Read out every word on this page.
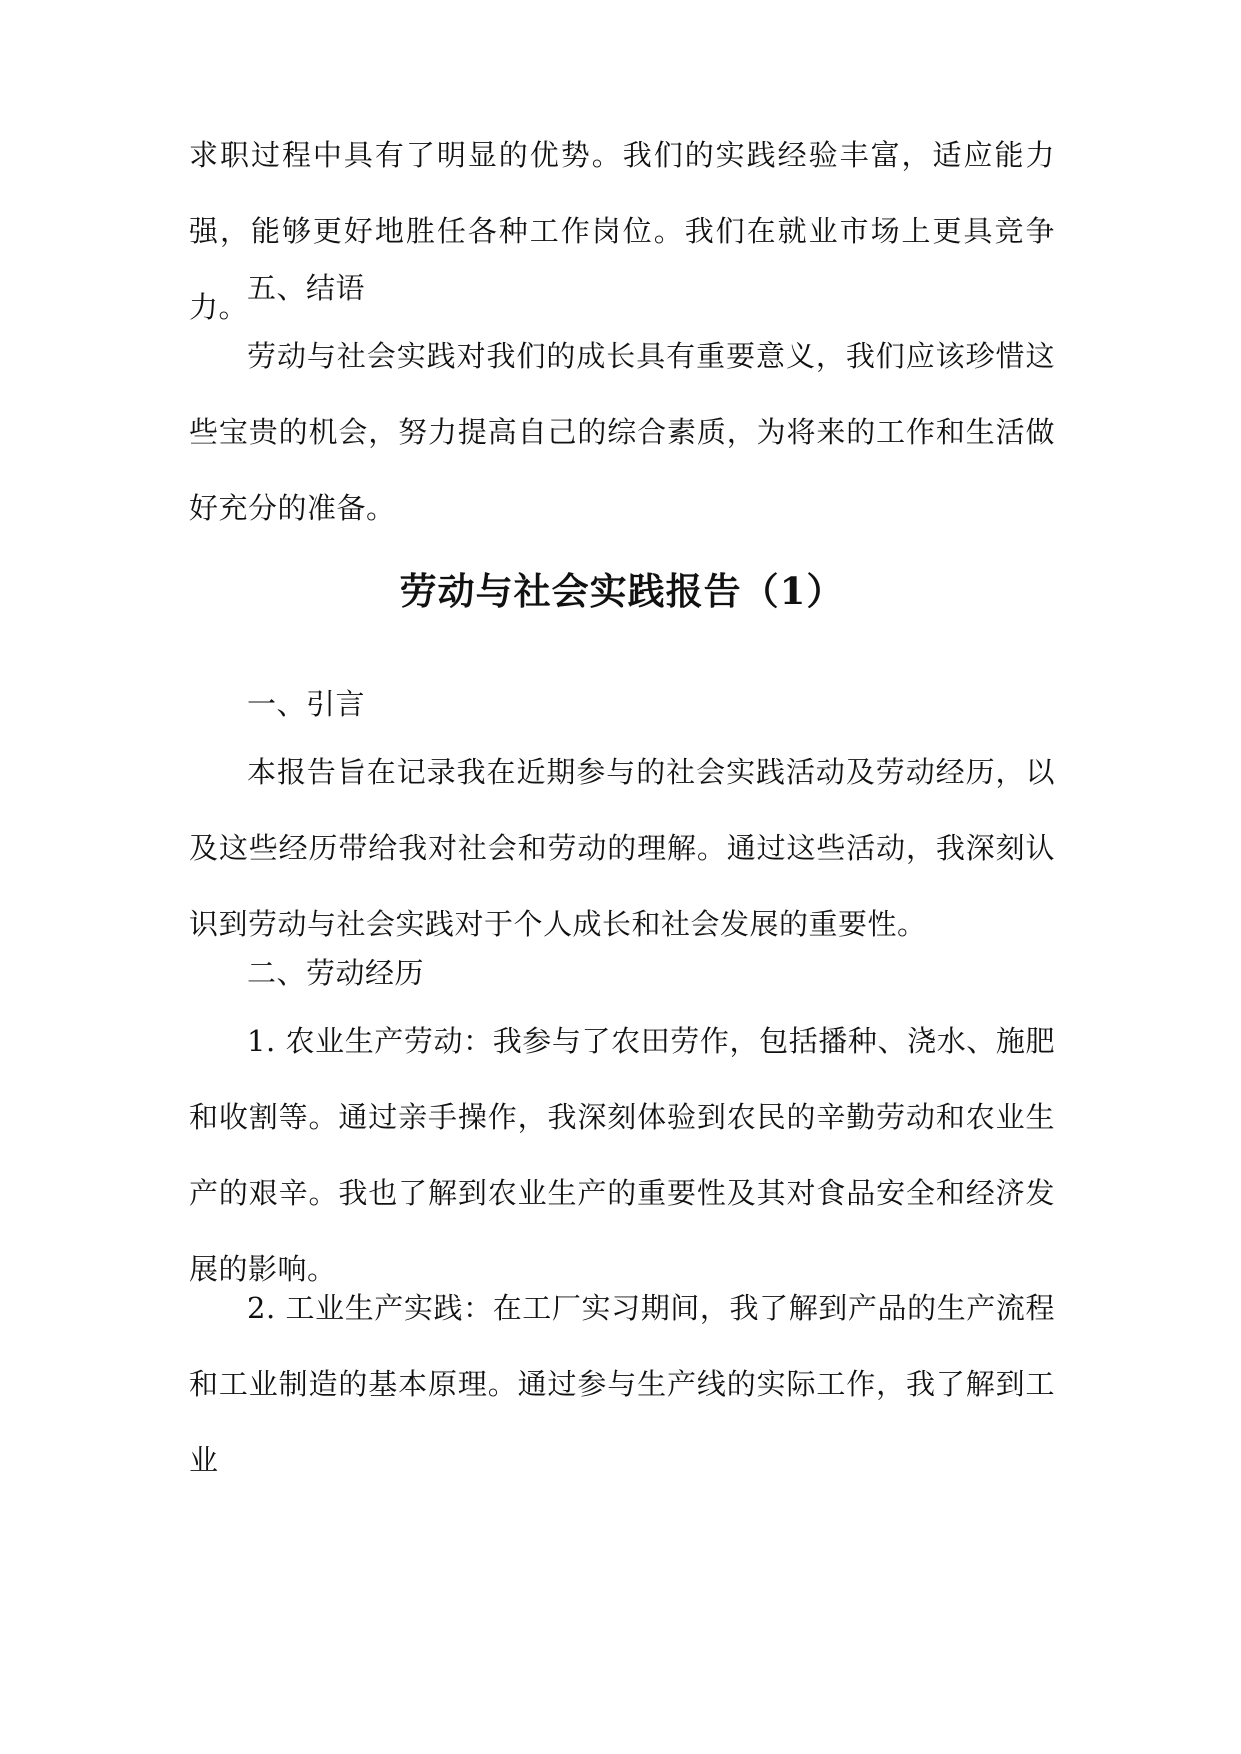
求职过程中具有了明显的优势。我们的实践经验丰富，适应能力强，能够更好地胜任各种工作岗位。我们在就业市场上更具竞争力。

五、结语

劳动与社会实践对我们的成长具有重要意义，我们应该珍惜这些宝贵的机会，努力提高自己的综合素质，为将来的工作和生活做好充分的准备。

劳动与社会实践报告（1）

一、引言

本报告旨在记录我在近期参与的社会实践活动及劳动经历，以及这些经历带给我对社会和劳动的理解。通过这些活动，我深刻认识到劳动与社会实践对于个人成长和社会发展的重要性。

二、劳动经历

1. 农业生产劳动：我参与了农田劳作，包括播种、浇水、施肥和收割等。通过亲手操作，我深刻体验到农民的辛勤劳动和农业生产的艰辛。我也了解到农业生产的重要性及其对食品安全和经济发展的影响。

2. 工业生产实践：在工厂实习期间，我了解到产品的生产流程和工业制造的基本原理。通过参与生产线的实际工作，我了解到工业
